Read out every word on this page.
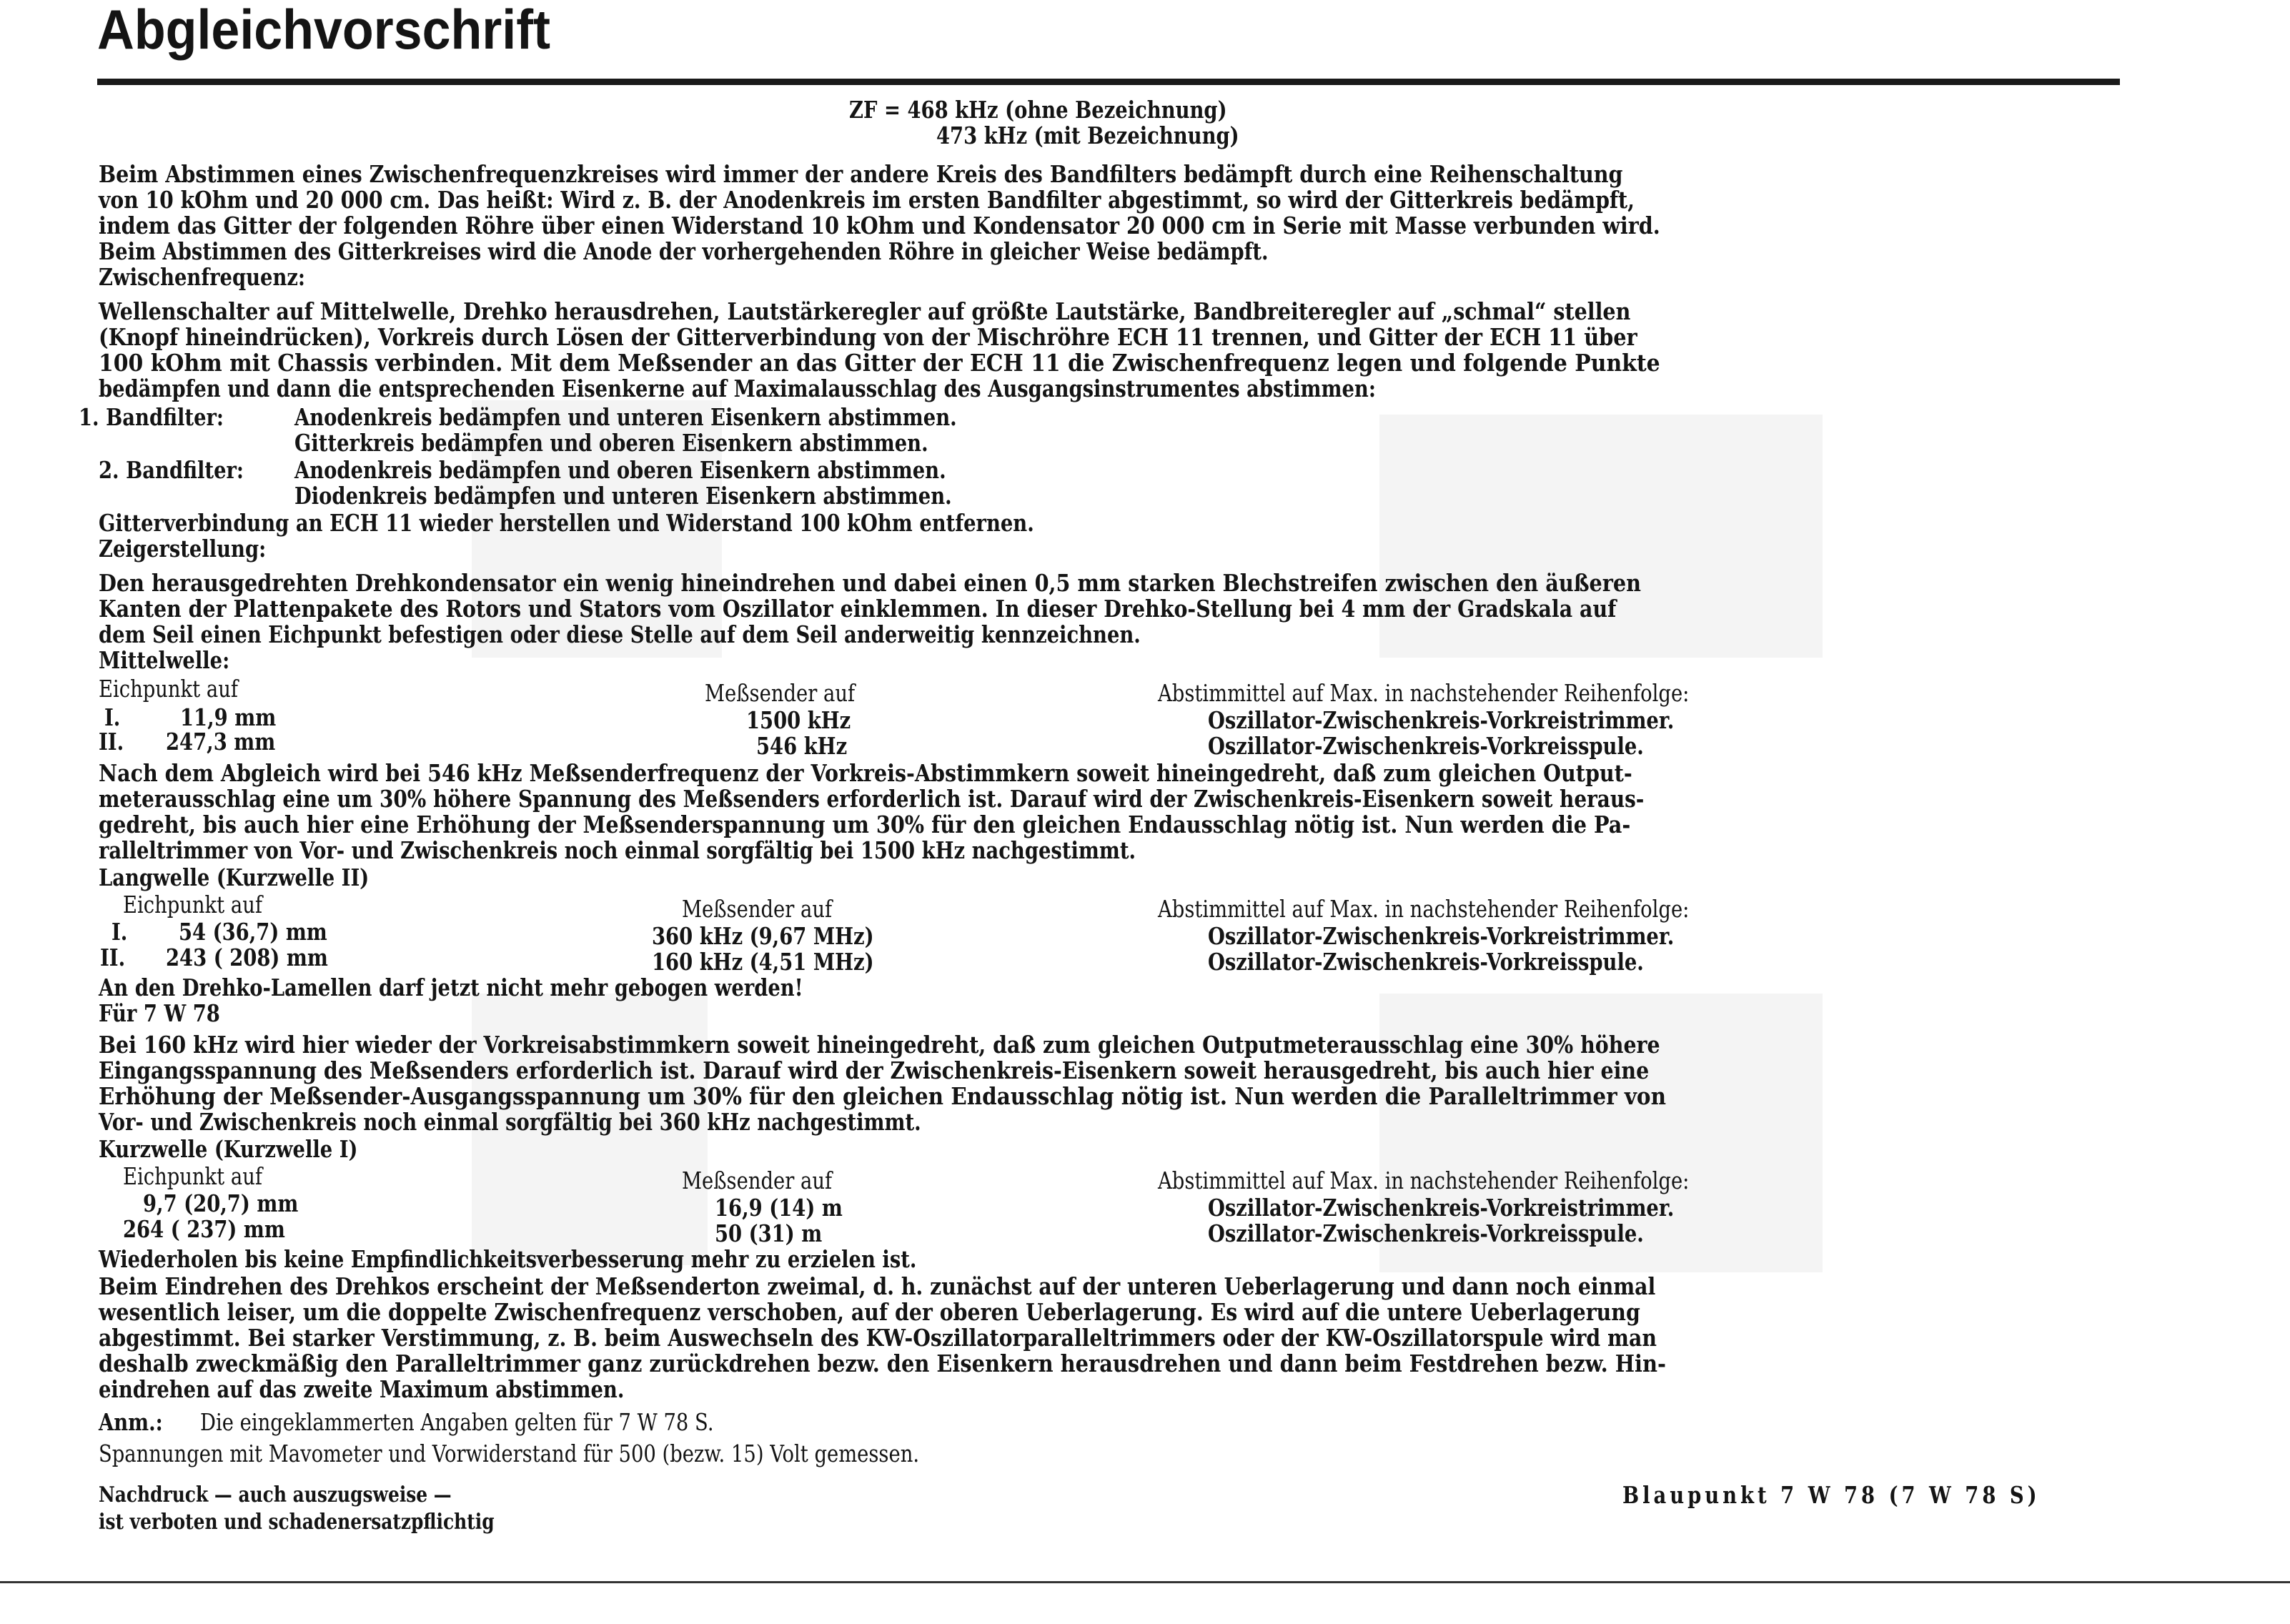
Abgleichvorschrift
ZF = 468 kHz (ohne Bezeichnung)
473 kHz (mit Bezeichnung)
Beim Abstimmen eines Zwischenfrequenzkreises wird immer der andere Kreis des Bandfilters bedämpft durch eine Reihenschaltung
von 10 kOhm und 20 000 cm. Das heißt: Wird z. B. der Anodenkreis im ersten Bandfilter abgestimmt, so wird der Gitterkreis bedämpft,
indem das Gitter der folgenden Röhre über einen Widerstand 10 kOhm und Kondensator 20 000 cm in Serie mit Masse verbunden wird.
Beim Abstimmen des Gitterkreises wird die Anode der vorhergehenden Röhre in gleicher Weise bedämpft.
Zwischenfrequenz:
Wellenschalter auf Mittelwelle, Drehko herausdrehen, Lautstärkeregler auf größte Lautstärke, Bandbreiteregler auf „schmal“ stellen
(Knopf hineindrücken), Vorkreis durch Lösen der Gitterverbindung von der Mischröhre ECH 11 trennen, und Gitter der ECH 11 über
100 kOhm mit Chassis verbinden. Mit dem Meßsender an das Gitter der ECH 11 die Zwischenfrequenz legen und folgende Punkte
bedämpfen und dann die entsprechenden Eisenkerne auf Maximalausschlag des Ausgangsinstrumentes abstimmen:
1. Bandfilter:	Anodenkreis bedämpfen und unteren Eisenkern abstimmen.
Gitterkreis bedämpfen und oberen Eisenkern abstimmen.
2. Bandfilter: Anodenkreis bedämpfen und oberen Eisenkern abstimmen.
Diodenkreis bedämpfen und unteren Eisenkern abstimmen.
Gitterverbindung an ECH 11 wieder herstellen und Widerstand 100 kOhm entfernen.
Zeigerstellung:
Den herausgedrehten Drehkondensator ein wenig hineindrehen und dabei einen 0,5 mm starken Blechstreifen zwischen den äußeren
Kanten der Plattenpakete des Rotors und Stators vom Oszillator einklemmen. In dieser Drehko-Stellung bei 4 mm der Gradskala auf
dem Seil einen Eichpunkt befestigen oder diese Stelle auf dem Seil anderweitig kennzeichnen.
Mittelwelle:
Eichpunkt auf	Meßsender auf	Abstimmittel auf Max. in nachstehender Reihenfolge:
I.	11,9 mm	1500 kHz	Oszillator-Zwischenkreis-Vorkreistrimmer.
II. 247,3 mm	546 kHz	Oszillator-Zwischenkreis-Vorkreisspule.
Nach dem Abgleich wird bei 546 kHz Meßsenderfrequenz der Vorkreis-Abstimmkern soweit hineingedreht, daß zum gleichen Output-
meterausschlag eine um 30% höhere Spannung des Meßsenders erforderlich ist. Darauf wird der Zwischenkreis-Eisenkern soweit heraus-
gedreht, bis auch hier eine Erhöhung der Meßsenderspannung um 30% für den gleichen Endausschlag nötig ist. Nun werden die Pa-
ralleltrimmer von Vor- und Zwischenkreis noch einmal sorgfältig bei 1500 kHz nachgestimmt.
Langwelle (Kurzwelle II)
Eichpunkt auf	Meßsender auf	Abstimmittel auf Max. in nachstehender Reihenfolge:
I. 54 (36,7) mm	360 kHz (9,67 MHz)	Oszillator-Zwischenkreis-Vorkreistrimmer.
II. 243 ( 208) mm	160 kHz (4,51 MHz)	Oszillator-Zwischenkreis-Vorkreisspule.
An den Drehko-Lamellen darf jetzt nicht mehr gebogen werden!
Für 7 W 78
Bei 160 kHz wird hier wieder der Vorkreisabstimmkern soweit hineingedreht, daß zum gleichen Outputmeterausschlag eine 30% höhere
Eingangsspannung des Meßsenders erforderlich ist. Darauf wird der Zwischenkreis-Eisenkern soweit herausgedreht, bis auch hier eine
Erhöhung der Meßsender-Ausgangsspannung um 30% für den gleichen Endausschlag nötig ist. Nun werden die Paralleltrimmer von
Vor- und Zwischenkreis noch einmal sorgfältig bei 360 kHz nachgestimmt.
Kurzwelle (Kurzwelle I)
Eichpunkt auf	Meßsender auf	Abstimmittel auf Max. in nachstehender Reihenfolge:
9,7 (20,7) mm	16,9 (14) m	Oszillator-Zwischenkreis-Vorkreistrimmer.
264 ( 237) mm	50 (31) m	Oszillator-Zwischenkreis-Vorkreisspule.
Wiederholen bis keine Empfindlichkeitsverbesserung mehr zu erzielen ist.
Beim Eindrehen des Drehkos erscheint der Meßsenderton zweimal, d. h. zunächst auf der unteren Ueberlagerung und dann noch einmal
wesentlich leiser, um die doppelte Zwischenfrequenz verschoben, auf der oberen Ueberlagerung. Es wird auf die untere Ueberlagerung
abgestimmt. Bei starker Verstimmung, z. B. beim Auswechseln des KW-Oszillatorparalleltrimmers oder der KW-Oszillatorspule wird man
deshalb zweckmäßig den Paralleltrimmer ganz zurückdrehen bezw. den Eisenkern herausdrehen und dann beim Festdrehen bezw. Hin-
eindrehen auf das zweite Maximum abstimmen.
Anm.: Die eingeklammerten Angaben gelten für 7 W 78 S.
Spannungen mit Mavometer und Vorwiderstand für 500 (bezw. 15) Volt gemessen.
Nachdruck — auch auszugsweise —
ist verboten und schadenersatzpflichtig
Blaupunkt 7 W 78 (7 W 78 S)
